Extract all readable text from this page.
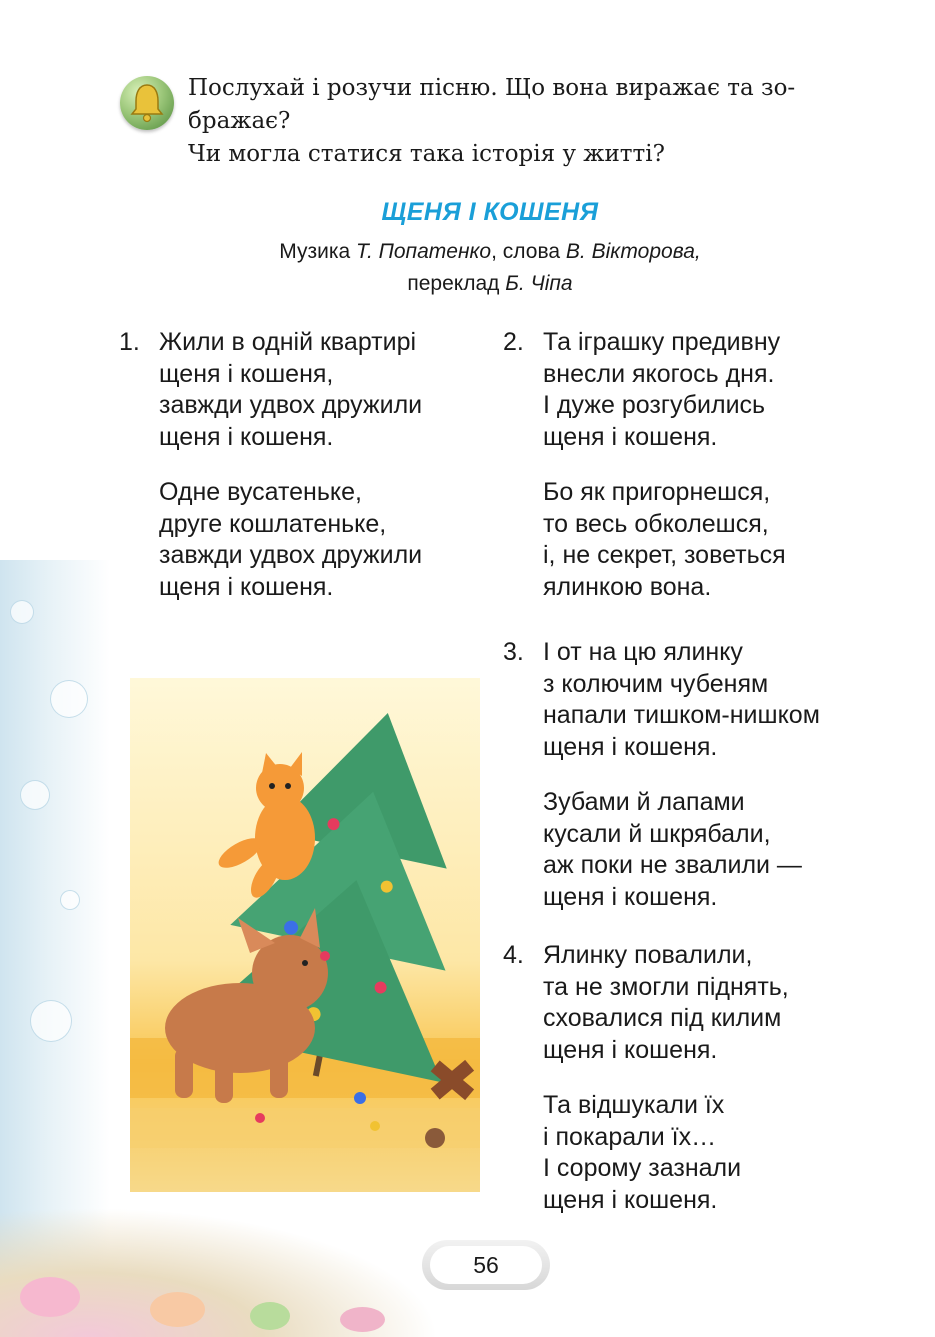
Послухай і розучи пісню. Що вона виражає та зо-

бражає?

Чи могла статися така історія у житті?

ЩЕНЯ І КОШЕНЯ
Музика Т. Попатенко, слова В. Вікторова,
переклад Б. Чіпа
1. Жили в одній квартирі
щеня і кошеня,
завжди удвох дружили
щеня і кошеня.
Одне вусатеньке,
друге кошлатеньке,
завжди удвох дружили
щеня і кошеня.
2. Та іграшку предивну
внесли якогось дня.
І дуже розгубились
щеня і кошеня.
Бо як пригорнешся,
то весь обколешся,
і, не секрет, зоветься
ялинкою вона.
3. І от на цю ялинку
з колючим чубеням
напали тишком-нишком
щеня і кошеня.
Зубами й лапами
кусали й шкрябали,
аж поки не звалили —
щеня і кошеня.
4. Ялинку повалили,
та не змогли піднять,
сховалися під килим
щеня і кошеня.
Та відшукали їх
і покарали їх…
І сорому зазнали
щеня і кошеня.
56
